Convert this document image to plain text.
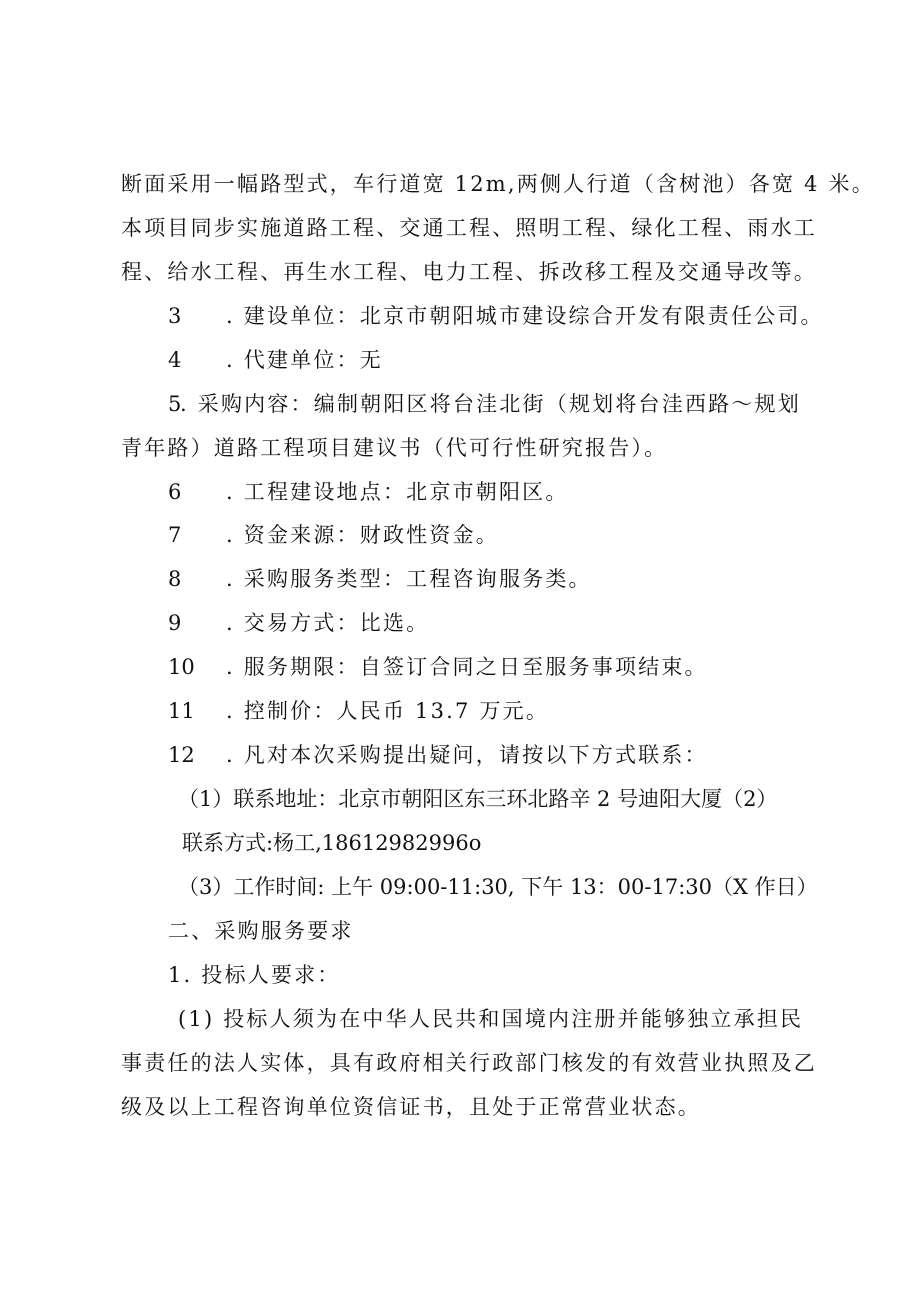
断面采用一幅路型式，车行道宽 12m,两侧人行道（含树池）各宽 4 米。
本项目同步实施道路工程、交通工程、照明工程、绿化工程、雨水工
程、给水工程、再生水工程、电力工程、拆改移工程及交通导改等。
3 . 建设单位：北京市朝阳城市建设综合开发有限责任公司。
4 . 代建单位：无
5
. 采购内容：编制朝阳区将台洼北街（规划将台洼西路～规划
青年路）道路工程项目建议书（代可行性研究报告）。
6 . 工程建设地点：北京市朝阳区。
7 . 资金来源：财政性资金。
8 . 采购服务类型：工程咨询服务类。
9 . 交易方式：比选。
10 . 服务期限：自签订合同之日至服务事项结束。
11 . 控制价：人民币 13.7 万元。
12 . 凡对本次采购提出疑问，请按以下方式联系：
（1）联系地址：北京市朝阳区东三环北路辛 2 号迪阳大厦（2）
联系方式:杨工,18612982996o
（3）工作时间: 上午 09:00-11:30, 下午 13：00-17:30（X 作日）
二、采购服务要求
1. 投标人要求：
(1) 投标人须为在中华人民共和国境内注册并能够独立承担民
事责任的法人实体，具有政府相关行政部门核发的有效营业执照及乙
级及以上工程咨询单位资信证书，且处于正常营业状态。
